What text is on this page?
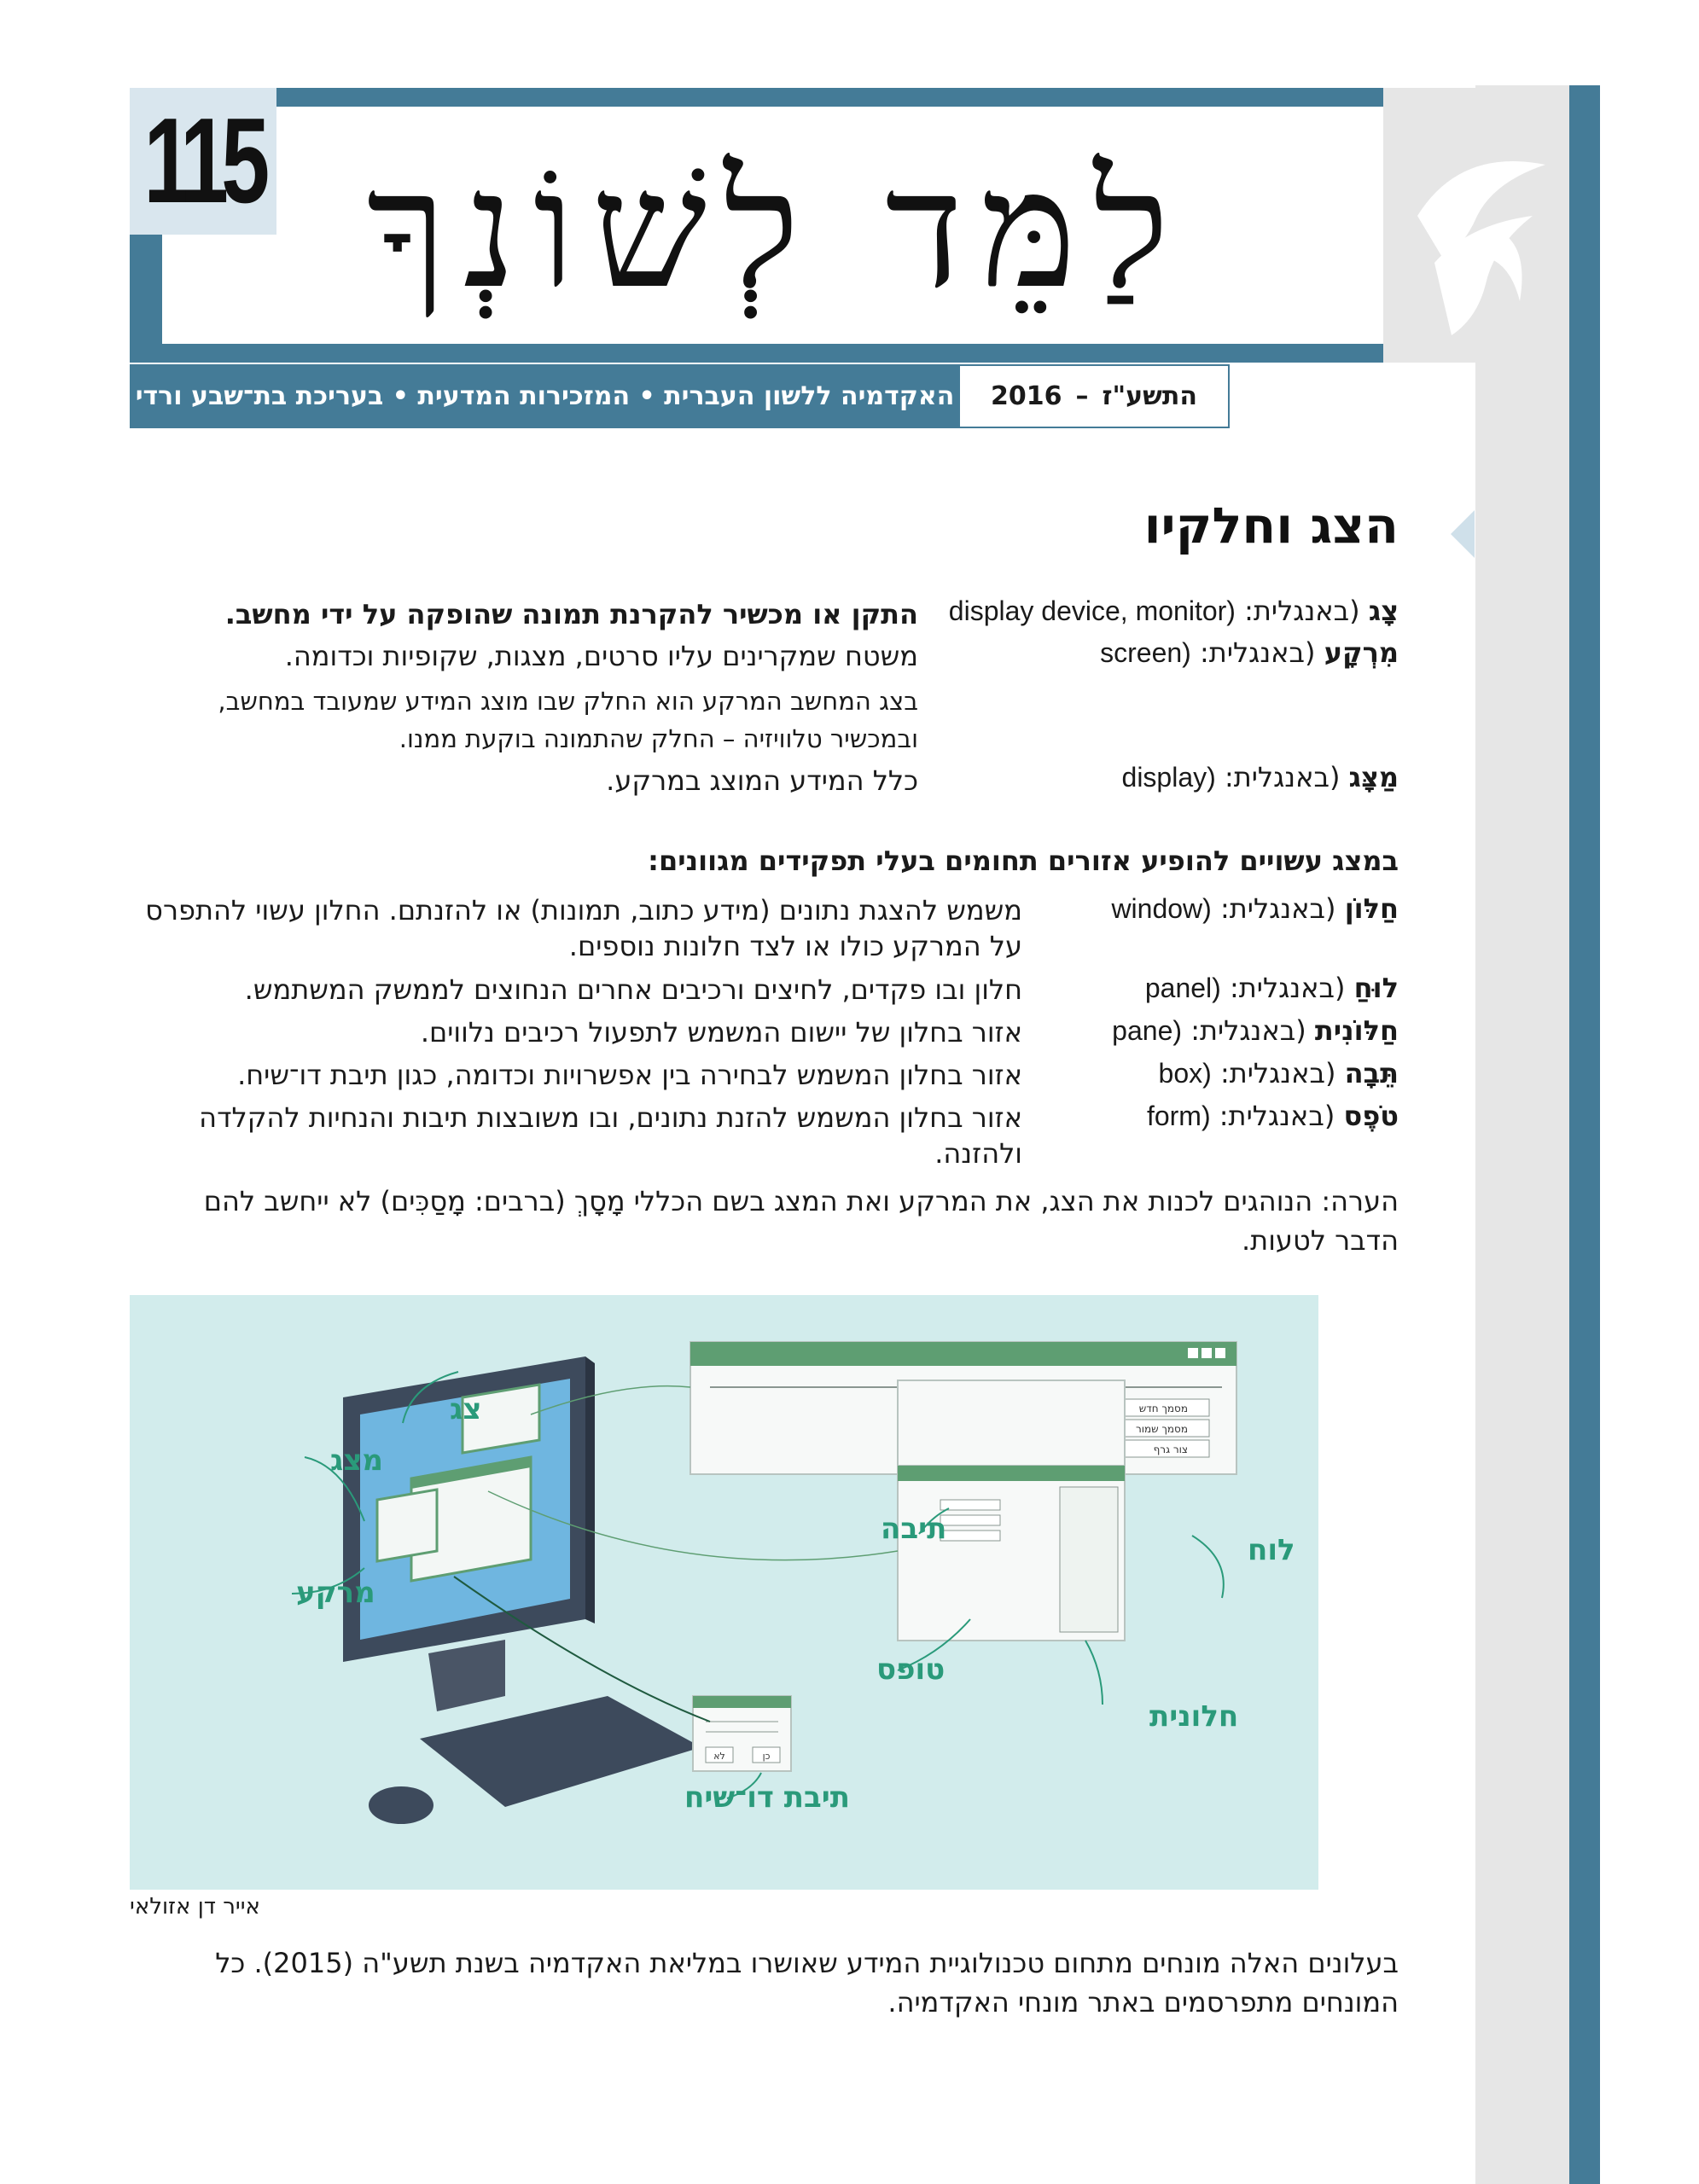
115 לַמֵּד לְשׁוֹנְךָ
התשע"ז
–
2016
האקדמיה ללשון העברית • המזכירות המדעית • בעריכת בת־שבע ורדי
הצג וחלקיו
צָג (באנגלית: display device, monitor)
התקן או מכשיר להקרנת תמונה שהופקה על ידי מחשב.
מִרְקָע (באנגלית: screen)
משטח שמקרינים עליו סרטים, מצגות, שקופיות וכדומה.
בצג המחשב המרקע הוא החלק שבו מוצג המידע שמעובד במחשב, ובמכשיר טלוויזיה – החלק שהתמונה בוקעת ממנו.
מַצָּג (באנגלית: display)
כלל המידע המוצג במרקע.
במצג עשויים להופיע אזורים תחומים בעלי תפקידים מגוונים:
חַלּוֹן (באנגלית: window)
משמש להצגת נתונים (מידע כתוב, תמונות) או להזנתם. החלון עשוי להתפרס על המרקע כולו או לצד חלונות נוספים.
לוּחַ (באנגלית: panel)
חלון ובו פקדים, לחיצים ורכיבים אחרים הנחוצים לממשק המשתמש.
חַלּוֹנִית (באנגלית: pane)
אזור בחלון של יישום המשמש לתפעול רכיבים נלווים.
תֵּבָה (באנגלית: box)
אזור בחלון המשמש לבחירה בין אפשרויות וכדומה, כגון תיבת דו־שיח.
טֹפֶס (באנגלית: form)
אזור בחלון המשמש להזנת נתונים, ובו משובצות תיבות והנחיות להקלדה ולהזנה.
הערה: הנוהגים לכנות את הצג, את המרקע ואת המצג בשם הכללי מָסָךְ (ברבים: מָסַכִּים) לא ייחשב להם הדבר לטעות.
מסמך חדש
מסמך שמור
צור גרף
כן
לא
צג
מצג
מרקע
תיבה
טופס
לוח
חלונית
תיבת דו־שיח
אייר דן אזולאי
בעלונים האלה מונחים מתחום טכנולוגיית המידע שאושרו במליאת האקדמיה בשנת תשע"ה (2015). כל המונחים מתפרסמים באתר מונחי האקדמיה.
